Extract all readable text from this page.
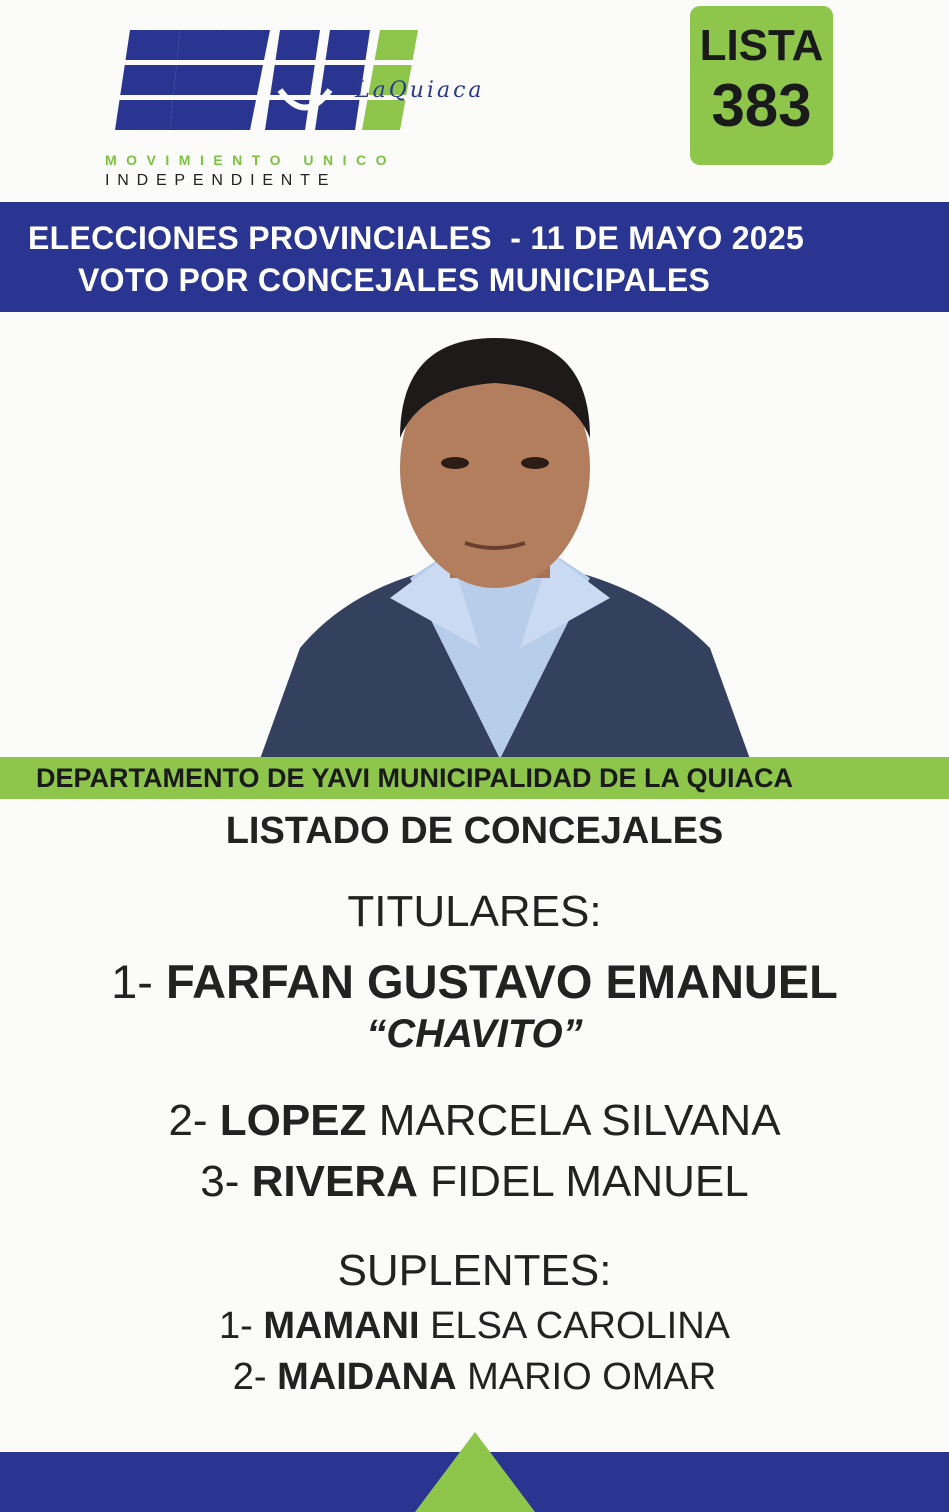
LaQuiaca
MOVIMIENTO UNICO
INDEPENDIENTE
LISTA
383
ELECCIONES PROVINCIALES  - 11 DE MAYO 2025
VOTO POR CONCEJALES MUNICIPALES
DEPARTAMENTO DE YAVI MUNICIPALIDAD DE LA QUIACA
LISTADO DE CONCEJALES
TITULARES:
1- FARFAN GUSTAVO EMANUEL
“CHAVITO”
2- LOPEZ MARCELA SILVANA
3- RIVERA FIDEL MANUEL
SUPLENTES:
1- MAMANI ELSA CAROLINA
2- MAIDANA MARIO OMAR
